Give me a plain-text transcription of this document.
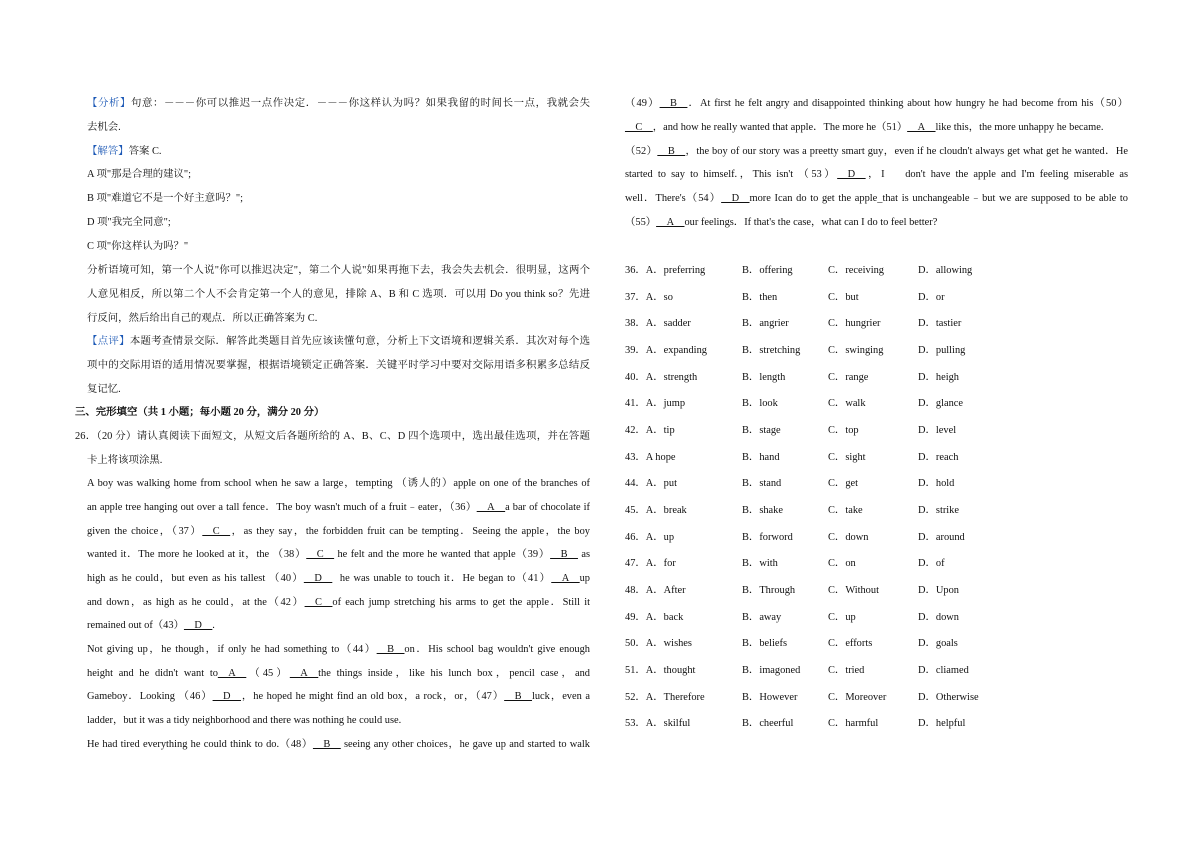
【分析】句意：－－－你可以推迟一点作决定．－－－你这样认为吗？如果我留的时间长一点，我就会失
去机会.
【解答】答案 C.
A 项"那是合理的建议";
B 项"难道它不是一个好主意吗？";
D 项"我完全同意";
C 项"你这样认为吗？"
分析语境可知，第一个人说"你可以推迟决定"，第二个人说"如果再拖下去，我会失去机会．很明显，这两个
人意见相反，所以第二个人不会肯定第一个人的意见，排除 A、B 和 C 选项．可以用 Do you think so？先进
行反问，然后给出自己的观点．所以正确答案为 C.
【点评】本题考查情景交际．解答此类题目首先应该读懂句意，分析上下文语境和逻辑关系．其次对每个选
项中的交际用语的适用情况要掌握，根据语境锁定正确答案．关键平时学习中要对交际用语多积累多总结反
复记忆.
三、完形填空（共 1 小题；每小题 20 分，满分 20 分）
26．（20 分）请认真阅读下面短文，从短文后各题所给的 A、B、C、D 四个选项中，选出最佳选项，并在答题
卡上将该项涂黑.
A boy was walking home from school when he saw a large，tempting （诱人的）apple on one of the branches of
an apple tree hanging out over a tall fence．The boy wasn't much of a fruit﹣eater，（36）__A__a bar of chocolate if
given the choice，（37）__C__，as they say，the forbidden fruit can be tempting．Seeing the apple，the boy
wanted it．The more he looked at it，the （38）__C__ he felt and the more he wanted that apple（39）__B__ as
high as he could，but even as his tallest （40）__D__  he was unable to touch it．He began to（41）__A__up
and down，as high as he could，at the（42）__C__of each jump stretching his arms to get the apple．Still it
remained out of（43）__D__.
Not giving up，he though，if only he had something to（44）__B__on．His school bag wouldn't give enough
height and he didn't want to__A__（45）__A__the things inside，like his lunch box，pencil case，and
Gameboy．Looking （46）__D__，he hoped he might find an old box，a rock，or，（47）__B__luck，even a
ladder，but it was a tidy neighborhood and there was nothing he could use.
He had tired everything he could think to do.（48）__B__ seeing any other choices，he gave up and started to walk
（49）__B__．At first he felt angry and disappointed thinking about how hungry he had become from his（50）
__C__，and how he really wanted that apple．The more he（51）__A__like this，the more unhappy he became.
（52）__B__，the boy of our story was a preetty smart guy，even if he cloudn't always get what get he wanted．He
started to say to himself.，This isn't （53）__D__，I    don't have the apple and I'm feeling miserable as
well．There's（54）__D__more Ican do to get the apple_that is unchangeable﹣but we are supposed to be able to
（55）__A__our feelings．If that's the case，what can I do to feel better?
36．A．preferring	B．offering	C．receiving	D．allowing
37．A．so	B．then	C．but	D．or
38．A．sadder	B．angrier	C．hungrier	D．tastier
39．A．expanding	B．stretching	C．swinging	D．pulling
40．A．strength	B．length	C．range	D．heigh
41．A．jump	B．look	C．walk	D．glance
42．A．tip	B．stage	C．top	D．level
43．A hope	B．hand	C．sight	D．reach
44．A．put	B．stand	C．get	D．hold
45．A．break	B．shake	C．take	D．strike
46．A．up	B．forword	C．down	D．around
47．A．for	B．with	C．on	D．of
48．A．After	B．Through	C．Without	D．Upon
49．A．back	B．away	C．up	D．down
50．A．wishes	B．beliefs	C．efforts	D．goals
51．A．thought	B．imagoned	C．tried	D．cliamed
52．A．Therefore	B．However	C．Moreover	D．Otherwise
53．A．skilful	B．cheerful	C．harmful	D．helpful
